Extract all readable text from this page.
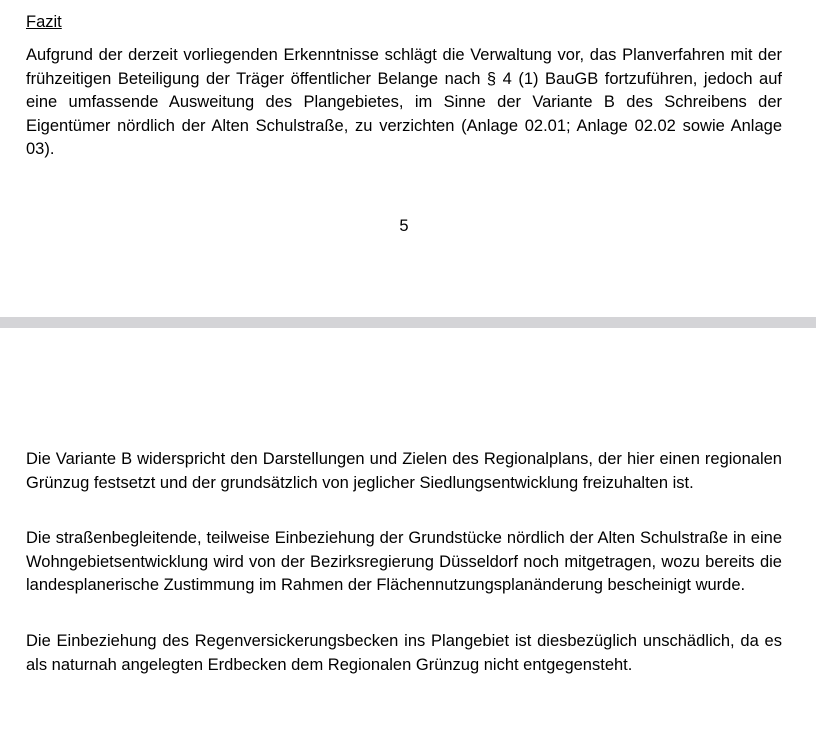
Fazit

Aufgrund der derzeit vorliegenden Erkenntnisse schlägt die Verwaltung vor, das Planverfahren mit der frühzeitigen Beteiligung der Träger öffentlicher Belange nach § 4 (1) BauGB fortzuführen, jedoch auf eine umfassende Ausweitung des Plangebietes, im Sinne der Variante B des Schreibens der Eigentümer nördlich der Alten Schulstraße, zu verzichten (Anlage 02.01; Anlage 02.02 sowie Anlage 03).

5

Die Variante B widerspricht den Darstellungen und Zielen des Regionalplans, der hier einen regionalen Grünzug festsetzt und der grundsätzlich von jeglicher Siedlungsentwicklung freizuhalten ist.

Die straßenbegleitende, teilweise Einbeziehung der Grundstücke nördlich der Alten Schulstraße in eine Wohngebietsentwicklung wird von der Bezirksregierung Düsseldorf noch mitgetragen, wozu bereits die landesplanerische Zustimmung im Rahmen der Flächennutzungsplanänderung bescheinigt wurde.

Die Einbeziehung des Regenversickerungsbecken ins Plangebiet ist diesbezüglich unschädlich, da es als naturnah angelegten Erdbecken dem Regionalen Grünzug nicht entgegensteht.
